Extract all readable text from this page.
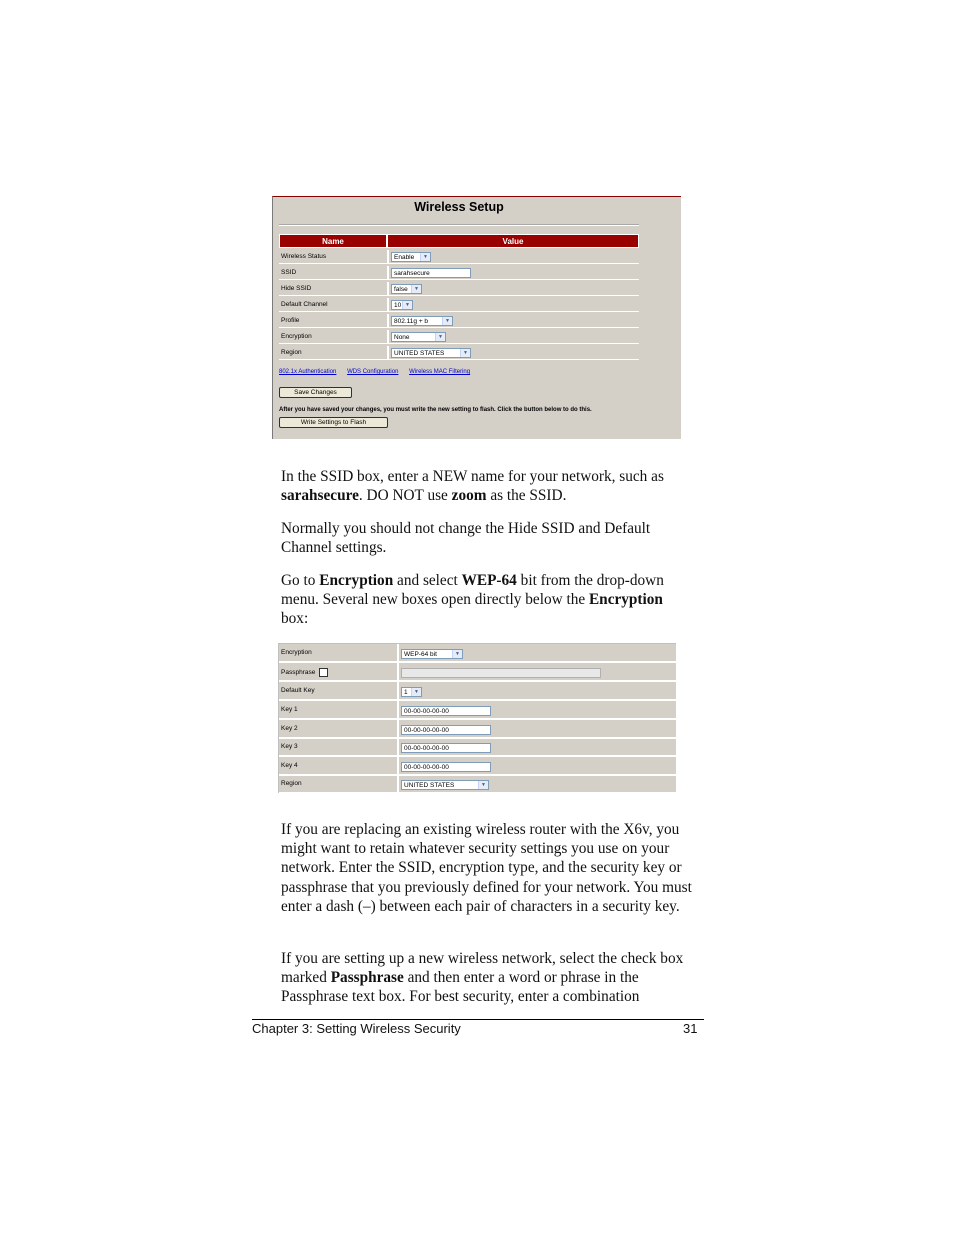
Wireless Setup
Name	Value
Wireless Status	Enable ▼

SSID	sarahsecure
Hide SSID	false ▼

Default Channel	10 ▼

Profile	802.11g + b ▼

Encryption	None ▼

Region	UNITED STATES ▼
802.1x Authentication WDS Configuration Wireless MAC Filtering
Save Changes
After you have saved your changes, you must write the new setting to flash. Click the button below to do this.
Write Settings to Flash

In the SSID box, enter a NEW name for your network, such as sarahsecure. DO NOT use zoom as the SSID.

Normally you should not change the Hide SSID and Default Channel settings.

Go to Encryption and select WEP-64 bit from the drop-down menu. Several new boxes open directly below the Encryption box:

Encryption	WEP-64 bit	▼
Passphrase
Default Key	1	▼
Key 1	00-00-00-00-00
Key 2	00-00-00-00-00
Key 3	00-00-00-00-00
Key 4	00-00-00-00-00
Region	UNITED STATES	▼

If you are replacing an existing wireless router with the X6v, you might want to retain whatever security settings you use on your network. Enter the SSID, encryption type, and the security key or passphrase that you previously defined for your network. You must enter a dash (–) between each pair of characters in a security key.

If you are setting up a new wireless network, select the check box marked Passphrase and then enter a word or phrase in the Passphrase text box. For best security, enter a combination

Chapter 3: Setting Wireless Security	31
